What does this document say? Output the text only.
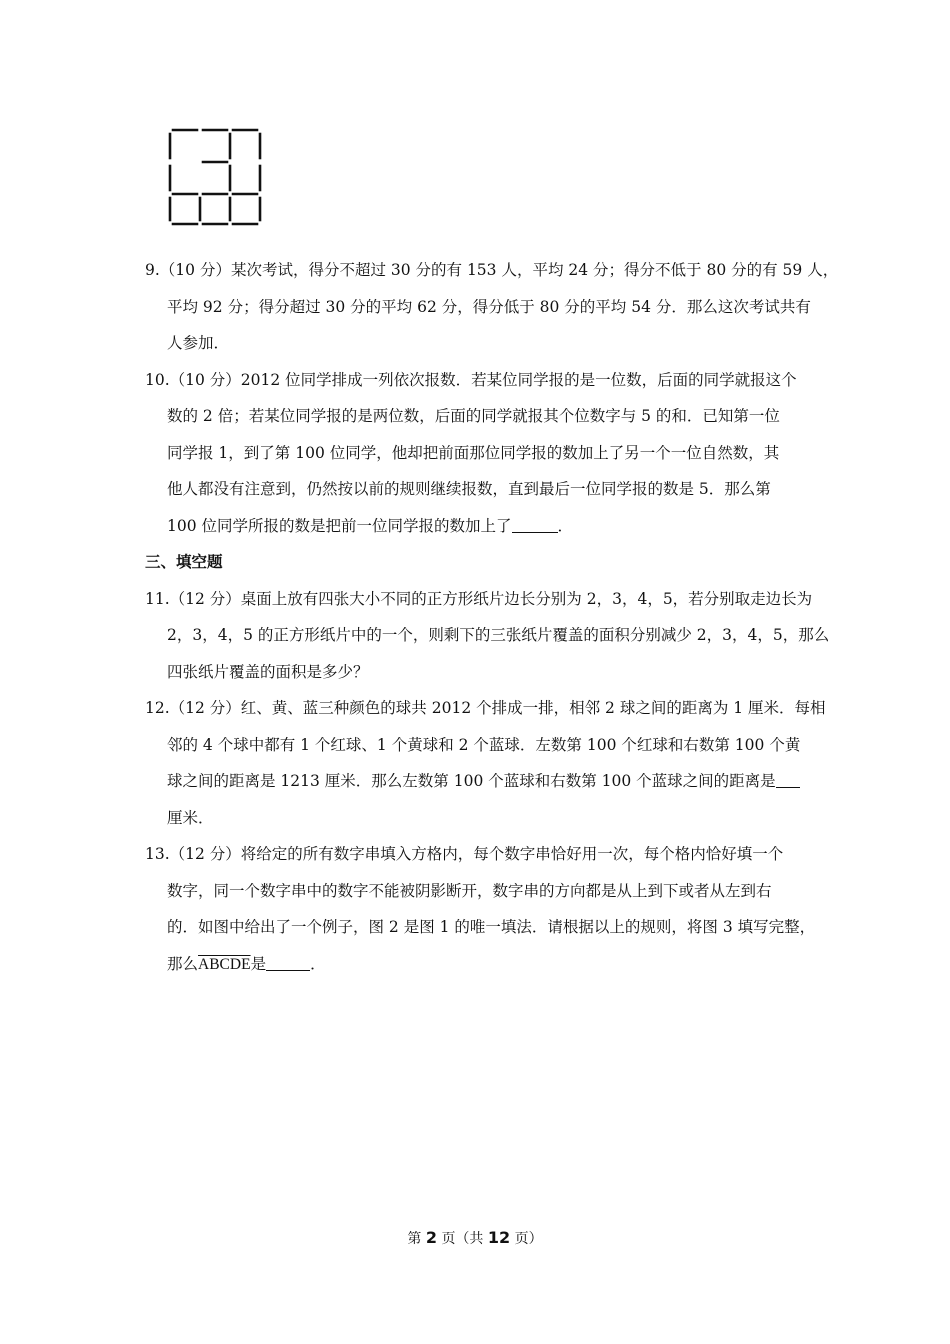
9.（10 分）某次考试，得分不超过 30 分的有 153 人，平均 24 分；得分不低于 80 分的有 59 人，
平均 92 分；得分超过 30 分的平均 62 分，得分低于 80 分的平均 54 分．那么这次考试共有
人参加．
10.（10 分）2012 位同学排成一列依次报数．若某位同学报的是一位数，后面的同学就报这个
数的 2 倍；若某位同学报的是两位数，后面的同学就报其个位数字与 5 的和．已知第一位
同学报 1，到了第 100 位同学，他却把前面那位同学报的数加上了另一个一位自然数，其
他人都没有注意到，仍然按以前的规则继续报数，直到最后一位同学报的数是 5．那么第
100 位同学所报的数是把前一位同学报的数加上了	．
三、填空题
11.（12 分）桌面上放有四张大小不同的正方形纸片边长分别为 2，3，4，5，若分别取走边长为
2，3，4，5 的正方形纸片中的一个，则剩下的三张纸片覆盖的面积分别减少 2，3，4，5，那么
四张纸片覆盖的面积是多少？
12.（12 分）红、黄、蓝三种颜色的球共 2012 个排成一排，相邻 2 球之间的距离为 1 厘米．每相
邻的 4 个球中都有 1 个红球、1 个黄球和 2 个蓝球．左数第 100 个红球和右数第 100 个黄
球之间的距离是 1213 厘米．那么左数第 100 个蓝球和右数第 100 个蓝球之间的距离是
厘米．
13.（12 分）将给定的所有数字串填入方格内，每个数字串恰好用一次，每个格内恰好填一个
数字，同一个数字串中的数字不能被阴影断开，数字串的方向都是从上到下或者从左到右
的．如图中给出了一个例子，图 2 是图 1 的唯一填法．请根据以上的规则，将图 3 填写完整，
那么ABCDE是	．
第 2 页（共 12 页）
